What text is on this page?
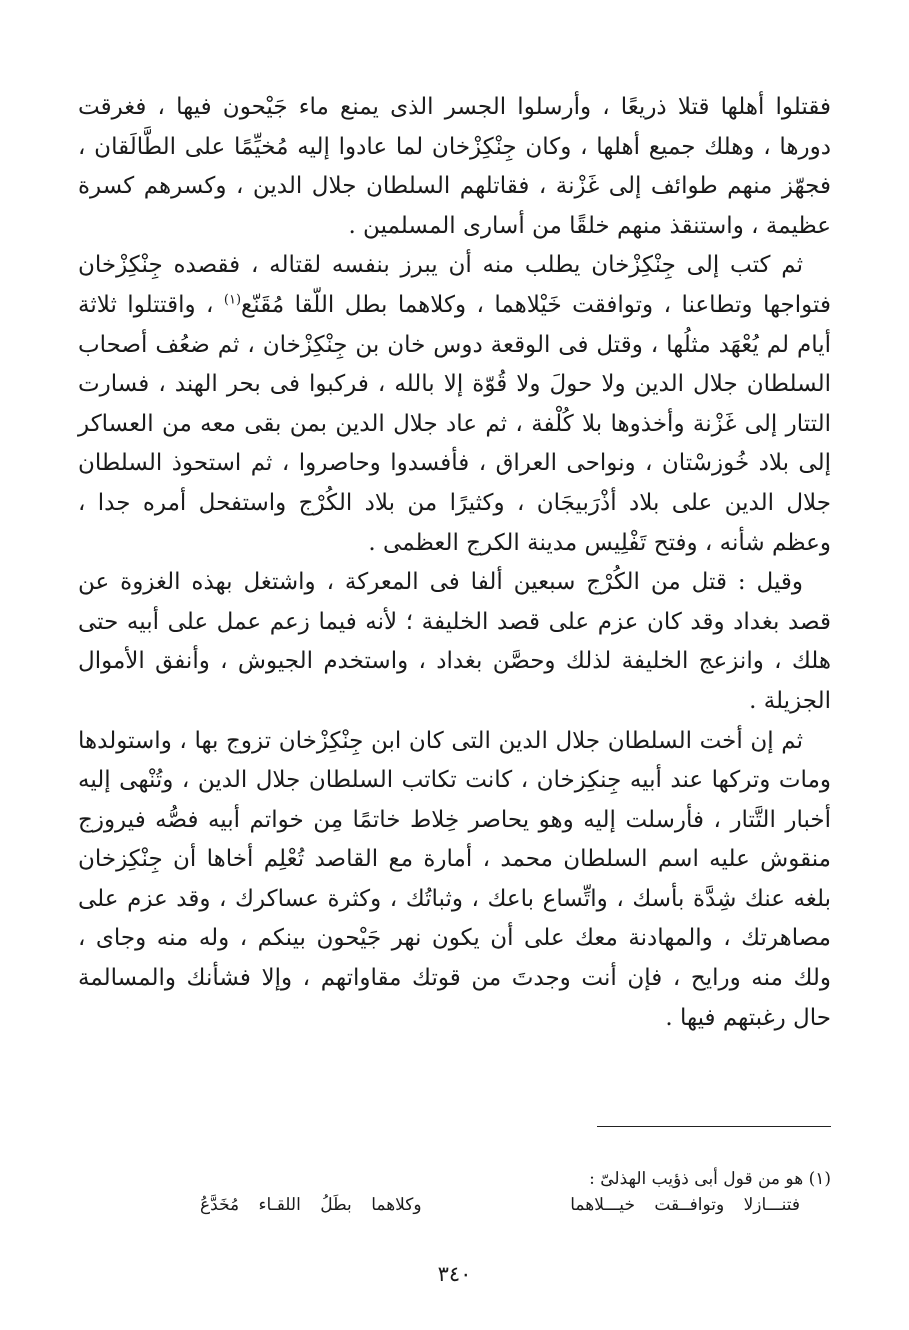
فقتلوا أهلها قتلا ذريعًا ، وأرسلوا الجسر الذى يمنع ماء جَيْحون فيها ، فغرقت دورها ، وهلك جميع أهلها ، وكان جِنْكِزْخان لما عادوا إليه مُخيِّمًا على الطَّالَقان ، فجهّز منهم طوائف إلى غَزْنة ، فقاتلهم السلطان جلال الدين ، وكسرهم كسرة عظيمة ، واستنقذ منهم خلقًا من أسارى المسلمين .

ثم كتب إلى جِنْكِزْخان يطلب منه أن يبرز بنفسه لقتاله ، فقصده جِنْكِزْخان فتواجها وتطاعنا ، وتوافقت خَيْلاهما ، وكلاهما بطل اللّقا مُقَنّع$^{(١)}$ ، واقتتلوا ثلاثة أيام لم يُعْهَد مثلُها ، وقتل فى الوقعة دوس خان بن جِنْكِزْخان ، ثم ضعُف أصحاب السلطان جلال الدين ولا حولَ ولا قُوّة إلا بالله ، فركبوا فى بحر الهند ، فسارت التتار إلى غَزْنة وأخذوها بلا كُلْفة ، ثم عاد جلال الدين بمن بقى معه من العساكر إلى بلاد خُوزسْتان ، ونواحى العراق ، فأفسدوا وحاصروا ، ثم استحوذ السلطان جلال الدين على بلاد أذْرَبيجَان ، وكثيرًا من بلاد الكُرْج واستفحل أمره جدا ، وعظم شأنه ، وفتح تَفْلِيس مدينة الكرج العظمى .

وقيل : قتل من الكُرْج سبعين ألفا فى المعركة ، واشتغل بهذه الغزوة عن قصد بغداد وقد كان عزم على قصد الخليفة ؛ لأنه فيما زعم عمل على أبيه حتى هلك ، وانزعج الخليفة لذلك وحصَّن بغداد ، واستخدم الجيوش ، وأنفق الأموال الجزيلة .

ثم إن أخت السلطان جلال الدين التى كان ابن جِنْكِزْخان تزوج بها ، واستولدها ومات وتركها عند أبيه جِنكِزخان ، كانت تكاتب السلطان جلال الدين ، وتُنْهى إليه أخبار التَّتار ، فأرسلت إليه وهو يحاصر خِلاط خاتمًا مِن خواتم أبيه فصُّه فيروزج منقوش عليه اسم السلطان محمد ، أمارة مع القاصد تُعْلِم أخاها أن جِنْكِزخان بلغه عنك شِدَّة بأسك ، واتِّساع باعك ، وثباتُك ، وكثرة عساكرك ، وقد عزم على مصاهرتك ، والمهادنة معك على أن يكون نهر جَيْحون بينكم ، وله منه وجاى ، ولك منه ورايح ، فإن أنت وجدتَ من قوتك مقاواتهم ، وإلا فشأنك والمسالمة حال رغبتهم فيها .

(١) هو من قول أبى ذؤيب الهذلىّ :

فتنـــازلا وتوافــقت خيـــلاهما
وكلاهما بطَلُ اللقـاء مُخَدَّعُ
٣٤٠
